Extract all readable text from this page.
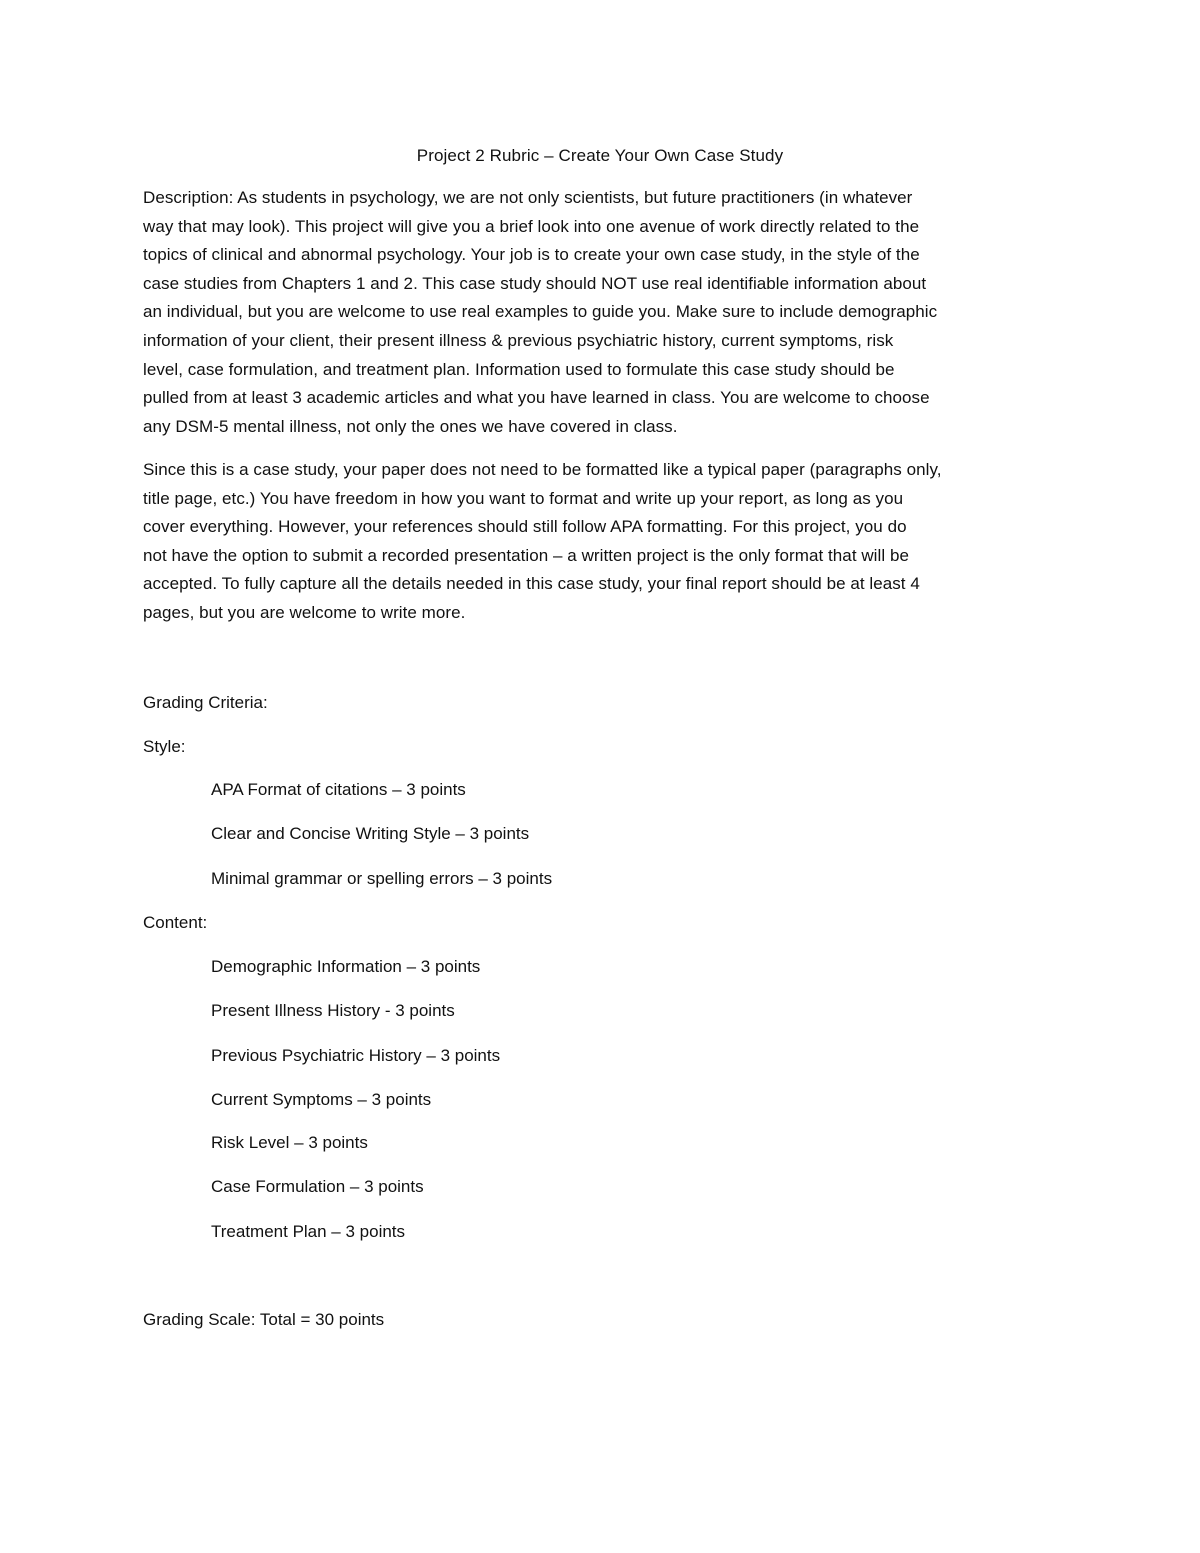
Project 2 Rubric – Create Your Own Case Study
Description: As students in psychology, we are not only scientists, but future practitioners (in whatever
way that may look). This project will give you a brief look into one avenue of work directly related to the
topics of clinical and abnormal psychology. Your job is to create your own case study, in the style of the
case studies from Chapters 1 and 2. This case study should NOT use real identifiable information about
an individual, but you are welcome to use real examples to guide you. Make sure to include demographic
information of your client, their present illness & previous psychiatric history, current symptoms, risk
level, case formulation, and treatment plan. Information used to formulate this case study should be
pulled from at least 3 academic articles and what you have learned in class. You are welcome to choose
any DSM-5 mental illness, not only the ones we have covered in class.
Since this is a case study, your paper does not need to be formatted like a typical paper (paragraphs only,
title page, etc.) You have freedom in how you want to format and write up your report, as long as you
cover everything. However, your references should still follow APA formatting. For this project, you do
not have the option to submit a recorded presentation – a written project is the only format that will be
accepted. To fully capture all the details needed in this case study, your final report should be at least 4
pages, but you are welcome to write more.
Grading Criteria:
Style:
APA Format of citations – 3 points
Clear and Concise Writing Style – 3 points
Minimal grammar or spelling errors – 3 points
Content:
Demographic Information – 3 points
Present Illness History - 3 points
Previous Psychiatric History – 3 points
Current Symptoms – 3 points
Risk Level – 3 points
Case Formulation – 3 points
Treatment Plan – 3 points
Grading Scale: Total = 30 points
